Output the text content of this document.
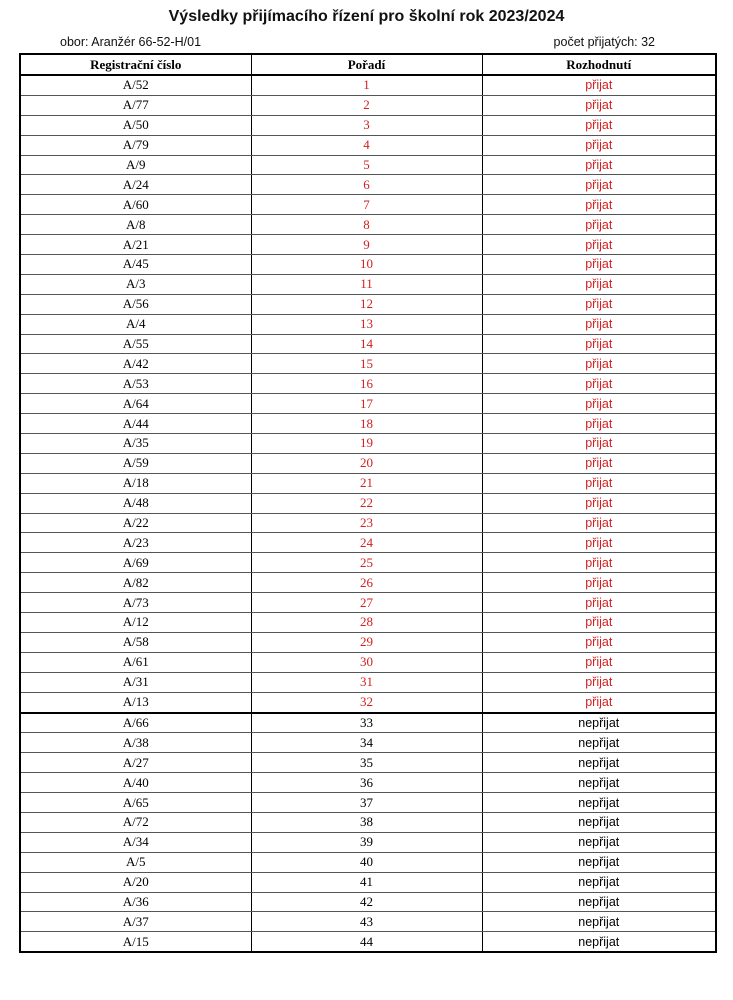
Výsledky přijímacího řízení pro školní rok 2023/2024
obor: Aranžér 66-52-H/01	počet přijatých: 32
Registrační číslo	Pořadí	Rozhodnutí
A/52	1	přijat
A/77	2	přijat
A/50	3	přijat
A/79	4	přijat
A/9	5	přijat
A/24	6	přijat
A/60	7	přijat
A/8	8	přijat
A/21	9	přijat
A/45	10	přijat
A/3	11	přijat
A/56	12	přijat
A/4	13	přijat
A/55	14	přijat
A/42	15	přijat
A/53	16	přijat
A/64	17	přijat
A/44	18	přijat
A/35	19	přijat
A/59	20	přijat
A/18	21	přijat
A/48	22	přijat
A/22	23	přijat
A/23	24	přijat
A/69	25	přijat
A/82	26	přijat
A/73	27	přijat
A/12	28	přijat
A/58	29	přijat
A/61	30	přijat
A/31	31	přijat
A/13	32	přijat
A/66	33	nepřijat
A/38	34	nepřijat
A/27	35	nepřijat
A/40	36	nepřijat
A/65	37	nepřijat
A/72	38	nepřijat
A/34	39	nepřijat
A/5	40	nepřijat
A/20	41	nepřijat
A/36	42	nepřijat
A/37	43	nepřijat
A/15	44	nepřijat
